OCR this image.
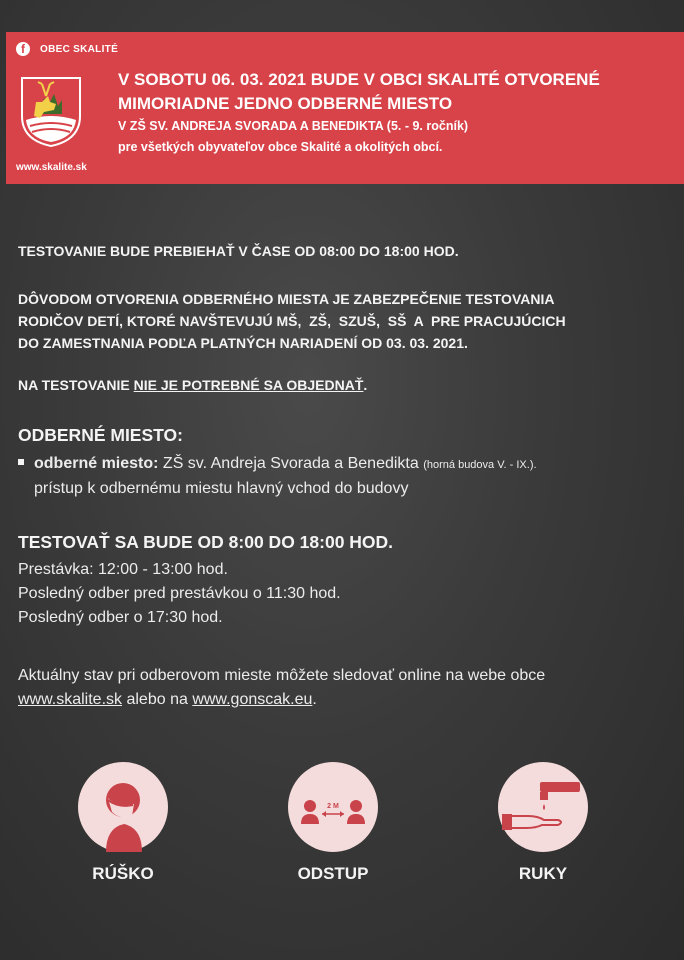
f	OBEC SKALITÉ
www.skalite.sk
V SOBOTU 06. 03. 2021 BUDE V OBCI SKALITÉ OTVORENÉ
MIMORIADNE JEDNO ODBERNÉ MIESTO
V ZŠ SV. ANDREJA SVORADA A BENEDIKTA (5. - 9. ročník)
pre všetkých obyvateľov obce Skalité a okolitých obcí.
TESTOVANIE BUDE PREBIEHAŤ V ČASE OD 08:00 DO 18:00 HOD.
DÔVODOM OTVORENIA ODBERNÉHO MIESTA JE ZABEZPEČENIE TESTOVANIA
RODIČOV DETÍ, KTORÉ NAVŠTEVUJÚ MŠ,  ZŠ,  SZUŠ,  SŠ  A  PRE PRACUJÚCICH
DO ZAMESTNANIA PODĽA PLATNÝCH NARIADENÍ OD 03. 03. 2021.
NA TESTOVANIE NIE JE POTREBNÉ SA OBJEDNAŤ.
ODBERNÉ MIESTO:
odberné miesto: ZŠ sv. Andreja Svorada a Benedikta (horná budova V. - IX.).
prístup k odbernému miestu hlavný vchod do budovy
TESTOVAŤ SA BUDE OD 8:00 DO 18:00 HOD.
Prestávka: 12:00 - 13:00 hod.
Posledný odber pred prestávkou o 11:30 hod.
Posledný odber o 17:30 hod.
Aktuálny stav pri odberovom mieste môžete sledovať online na webe obce
www.skalite.sk alebo na www.gonscak.eu.
RÚŠKO
2 M
ODSTUP	RUKY
